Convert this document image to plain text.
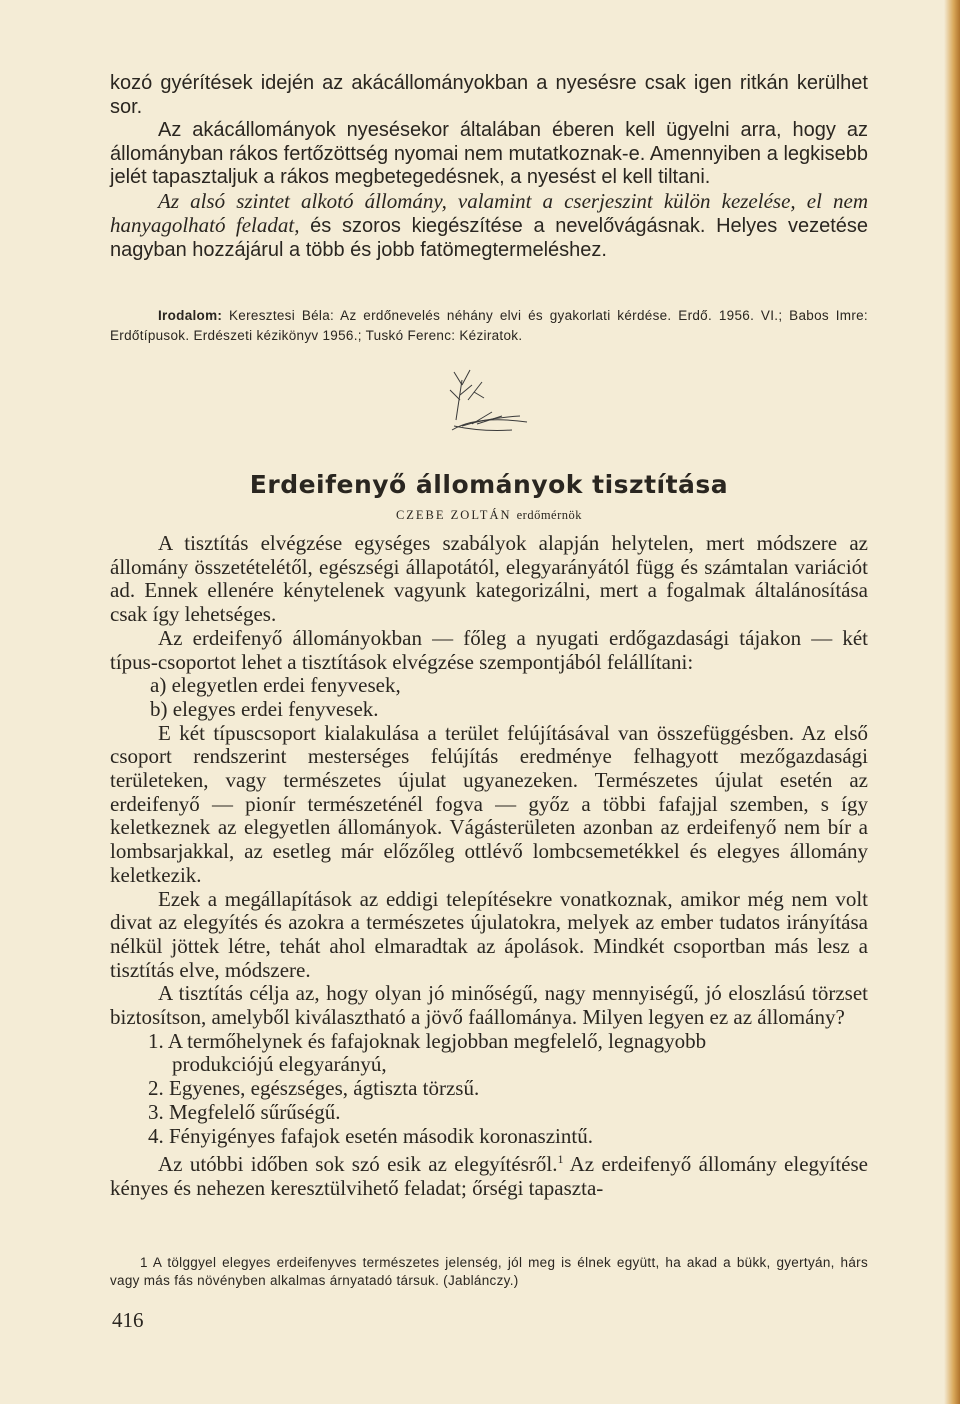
kozó gyérítések idején az akácállományokban a nyesésre csak igen ritkán kerülhet sor.

Az akácállományok nyesésekor általában éberen kell ügyelni arra, hogy az állományban rákos fertőzöttség nyomai nem mutatkoznak-e. Amennyiben a legkisebb jelét tapasztaljuk a rákos megbetegedésnek, a nyesést el kell tiltani.

Az alsó szintet alkotó állomány, valamint a cserjeszint külön kezelése, el nem hanyagolható feladat, és szoros kiegészítése a nevelővágásnak. Helyes vezetése nagyban hozzájárul a több és jobb fatömegtermeléshez.

Irodalom: Keresztesi Béla: Az erdőnevelés néhány elvi és gyakorlati kérdése. Erdő. 1956. VI.; Babos Imre: Erdőtípusok. Erdészeti kézikönyv 1956.; Tuskó Ferenc: Kéziratok.
Erdeifenyő állományok tisztítása
CZEBE ZOLTÁN erdőmérnök

A tisztítás elvégzése egységes szabályok alapján helytelen, mert módszere az állomány összetételétől, egészségi állapotától, elegyarányától függ és számtalan variációt ad. Ennek ellenére kénytelenek vagyunk kategorizálni, mert a fogalmak általánosítása csak így lehetséges.

Az erdeifenyő állományokban — főleg a nyugati erdőgazdasági tájakon — két típus-csoportot lehet a tisztítások elvégzése szempontjából felállítani:

a) elegyetlen erdei fenyvesek,

b) elegyes erdei fenyvesek.

E két típuscsoport kialakulása a terület felújításával van összefüggésben. Az első csoport rendszerint mesterséges felújítás eredménye felhagyott mezőgazdasági területeken, vagy természetes újulat ugyanezeken. Természetes újulat esetén az erdeifenyő — pionír természeténél fogva — győz a többi fafajjal szemben, s így keletkeznek az elegyetlen állományok. Vágásterületen azonban az erdeifenyő nem bír a lombsarjakkal, az esetleg már előzőleg ottlévő lombcsemetékkel és elegyes állomány keletkezik.

Ezek a megállapítások az eddigi telepítésekre vonatkoznak, amikor még nem volt divat az elegyítés és azokra a természetes újulatokra, melyek az ember tudatos irányítása nélkül jöttek létre, tehát ahol elmaradtak az ápolások. Mindkét csoportban más lesz a tisztítás elve, módszere.

A tisztítás célja az, hogy olyan jó minőségű, nagy mennyiségű, jó eloszlású törzset biztosítson, amelyből kiválasztható a jövő faállománya. Milyen legyen ez az állomány?

1. A termőhelynek és fafajoknak legjobban megfelelő, legnagyobb

produkciójú elegyarányú,

2. Egyenes, egészséges, ágtiszta törzsű.

3. Megfelelő sűrűségű.

4. Fényigényes fafajok esetén második koronaszintű.

Az utóbbi időben sok szó esik az elegyítésről.$^1$ Az erdeifenyő állomány elegyítése kényes és nehezen keresztülvihető feladat; őrségi tapaszta-

1 A tölggyel elegyes erdeifenyves természetes jelenség, jól meg is élnek együtt, ha akad a bükk, gyertyán, hárs vagy más fás növényben alkalmas árnyatadó társuk. (Jablánczy.)
416
